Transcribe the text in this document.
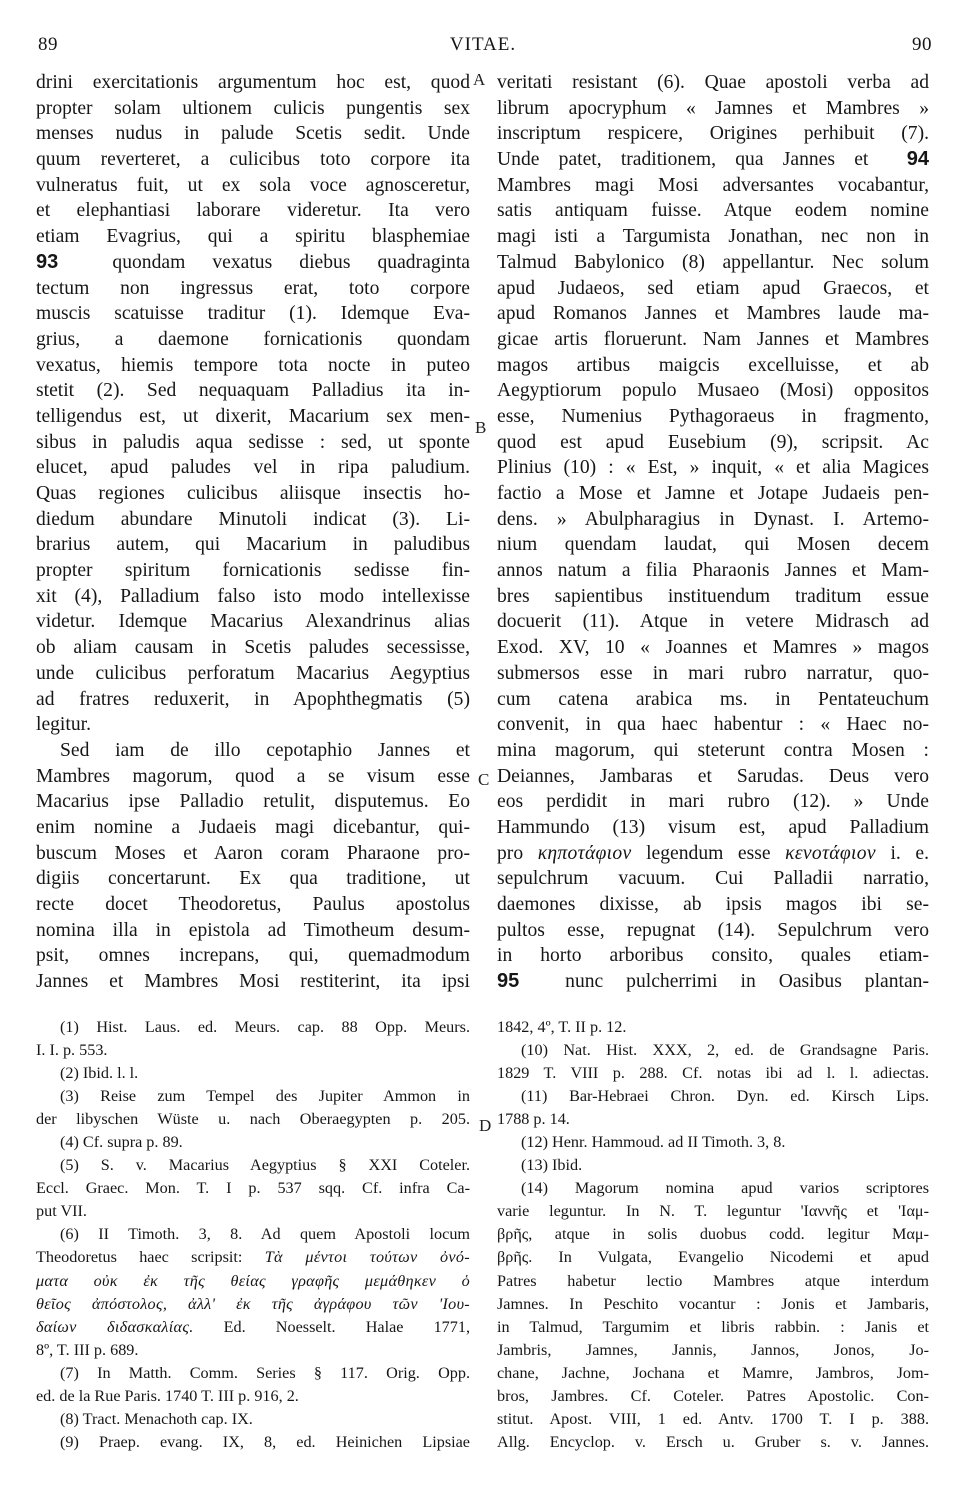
89	VITAE.	90
A
B
C
D
drini exercitationis argumentum hoc est, quod
propter solam ultionem culicis pungentis sex
menses nudus in palude Scetis sedit. Unde
quum reverteret, a culicibus toto corpore ita
vulneratus fuit, ut ex sola voce agnosceretur,
et elephantiasi laborare videretur. Ita vero
etiam Evagrius, qui a spiritu blasphemiae
93	quondam vexatus diebus quadraginta
tectum non ingressus erat, toto corpore
muscis scatuisse traditur (1). Idemque Eva-
grius, a daemone fornicationis quondam
vexatus, hiemis tempore tota nocte in puteo
stetit (2). Sed nequaquam Palladius ita in-
telligendus est, ut dixerit, Macarium sex men-
sibus in paludis aqua sedisse : sed, ut sponte
elucet, apud paludes vel in ripa paludium.
Quas regiones culicibus aliisque insectis ho-
diedum abundare Minutoli indicat (3). Li-
brarius autem, qui Macarium in paludibus
propter spiritum fornicationis sedisse fin-
xit (4), Palladium falso isto modo intellexisse
videtur. Idemque Macarius Alexandrinus alias
ob aliam causam in Scetis paludes secessisse,
unde culicibus perforatum Macarius Aegyptius
ad fratres reduxerit, in Apophthegmatis (5)
legitur.
Sed iam de illo cepotaphio Jannes et
Mambres magorum, quod a se visum esse
Macarius ipse Palladio retulit, disputemus. Eo
enim nomine a Judaeis magi dicebantur, qui-
buscum Moses et Aaron coram Pharaone pro-
digiis concertarunt. Ex qua traditione, ut
recte docet Theodoretus, Paulus apostolus
nomina illa in epistola ad Timotheum desum-
psit, omnes increpans, qui, quemadmodum
Jannes et Mambres Mosi restiterint, ita ipsi
veritati resistant (6). Quae apostoli verba ad
librum apocryphum « Jamnes et Mambres »
inscriptum respicere, Origines perhibuit (7).
Unde patet, traditionem, qua Jannes et 94
Mambres magi Mosi adversantes vocabantur,
satis antiquam fuisse. Atque eodem nomine
magi isti a Targumista Jonathan, nec non in
Talmud Babylonico (8) appellantur. Nec solum
apud Judaeos, sed etiam apud Graecos, et
apud Romanos Jannes et Mambres laude ma-
gicae artis floruerunt. Nam Jannes et Mambres
magos artibus maigcis excelluisse, et ab
Aegyptiorum populo Musaeo (Mosi) oppositos
esse, Numenius Pythagoraeus in fragmento,
quod est apud Eusebium (9), scripsit. Ac
Plinius (10) : « Est, » inquit, « et alia Magices
factio a Mose et Jamne et Jotape Judaeis pen-
dens. » Abulpharagius in Dynast. I. Artemo-
nium quendam laudat, qui Mosen decem
annos natum a filia Pharaonis Jannes et Mam-
bres sapientibus instituendum traditum essue
docuerit (11). Atque in vetere Midrasch ad
Exod. XV, 10 « Joannes et Mamres » magos
submersos esse in mari rubro narratur, quo-
cum catena arabica ms. in Pentateuchum
convenit, in qua haec habentur : « Haec no-
mina magorum, qui steterunt contra Mosen :
Deiannes, Jambaras et Sarudas. Deus vero
eos perdidit in mari rubro (12). » Unde
Hammundo (13) visum est, apud Palladium
pro κηποτάφιον legendum esse κενοτάφιον i. e.
sepulchrum vacuum. Cui Palladii narratio,
daemones dixisse, ab ipsis magos ibi se-
pultos esse, repugnat (14). Sepulchrum vero
in horto arboribus consito, quales etiam-
95 nunc pulcherrimi in Oasibus plantan-
(1) Hist. Laus. ed. Meurs. cap. 88 Opp. Meurs.
I. I. p. 553.
(2) Ibid. l. l.
(3) Reise zum Tempel des Jupiter Ammon in
der libyschen Wüste u. nach Oberaegypten p. 205.
(4) Cf. supra p. 89.
(5) S. v. Macarius Aegyptius § XXI Coteler.
Eccl. Graec. Mon. T. I p. 537 sqq. Cf. infra Ca-
put VII.
(6) II Timoth. 3, 8. Ad quem Apostoli locum
Theodoretus haec scripsit: Τὰ μέντοι τούτων ὀνό-
ματα οὐκ ἐκ τῆς θείας γραφῆς μεμάθηκεν ὁ
θεῖος ἀπόστολος, ἀλλ' ἐκ τῆς ἀγράφου τῶν 'Ιου-
δαίων διδασκαλίας. Ed. Noesselt. Halae 1771,
8º, T. III p. 689.
(7) In Matth. Comm. Series § 117. Orig. Opp.
ed. de la Rue Paris. 1740 T. III p. 916, 2.
(8) Tract. Menachoth cap. IX.
(9) Praep. evang. IX, 8, ed. Heinichen Lipsiae
1842, 4º, T. II p. 12.
(10) Nat. Hist. XXX, 2, ed. de Grandsagne Paris.
1829 T. VIII p. 288. Cf. notas ibi ad l. l. adiectas.
(11) Bar-Hebraei Chron. Dyn. ed. Kirsch Lips.
1788 p. 14.
(12) Henr. Hammoud. ad II Timoth. 3, 8.
(13) Ibid.
(14) Magorum nomina apud varios scriptores
varie leguntur. In N. T. leguntur 'Ιαννῆς et 'Ιαμ-
βρῆς, atque in solis duobus codd. legitur Μαμ-
βρῆς. In Vulgata, Evangelio Nicodemi et apud
Patres habetur lectio Mambres atque interdum
Jamnes. In Peschito vocantur : Jonis et Jambaris,
in Talmud, Targumim et libris rabbin. : Janis et
Jambris, Jamnes, Jannis, Jannos, Jonos, Jo-
chane, Jachne, Jochana et Mamre, Jambros, Jom-
bros, Jambres. Cf. Coteler. Patres Apostolic. Con-
stitut. Apost. VIII, 1 ed. Antv. 1700 T. I p. 388.
Allg. Encyclop. v. Ersch u. Gruber s. v. Jannes.
